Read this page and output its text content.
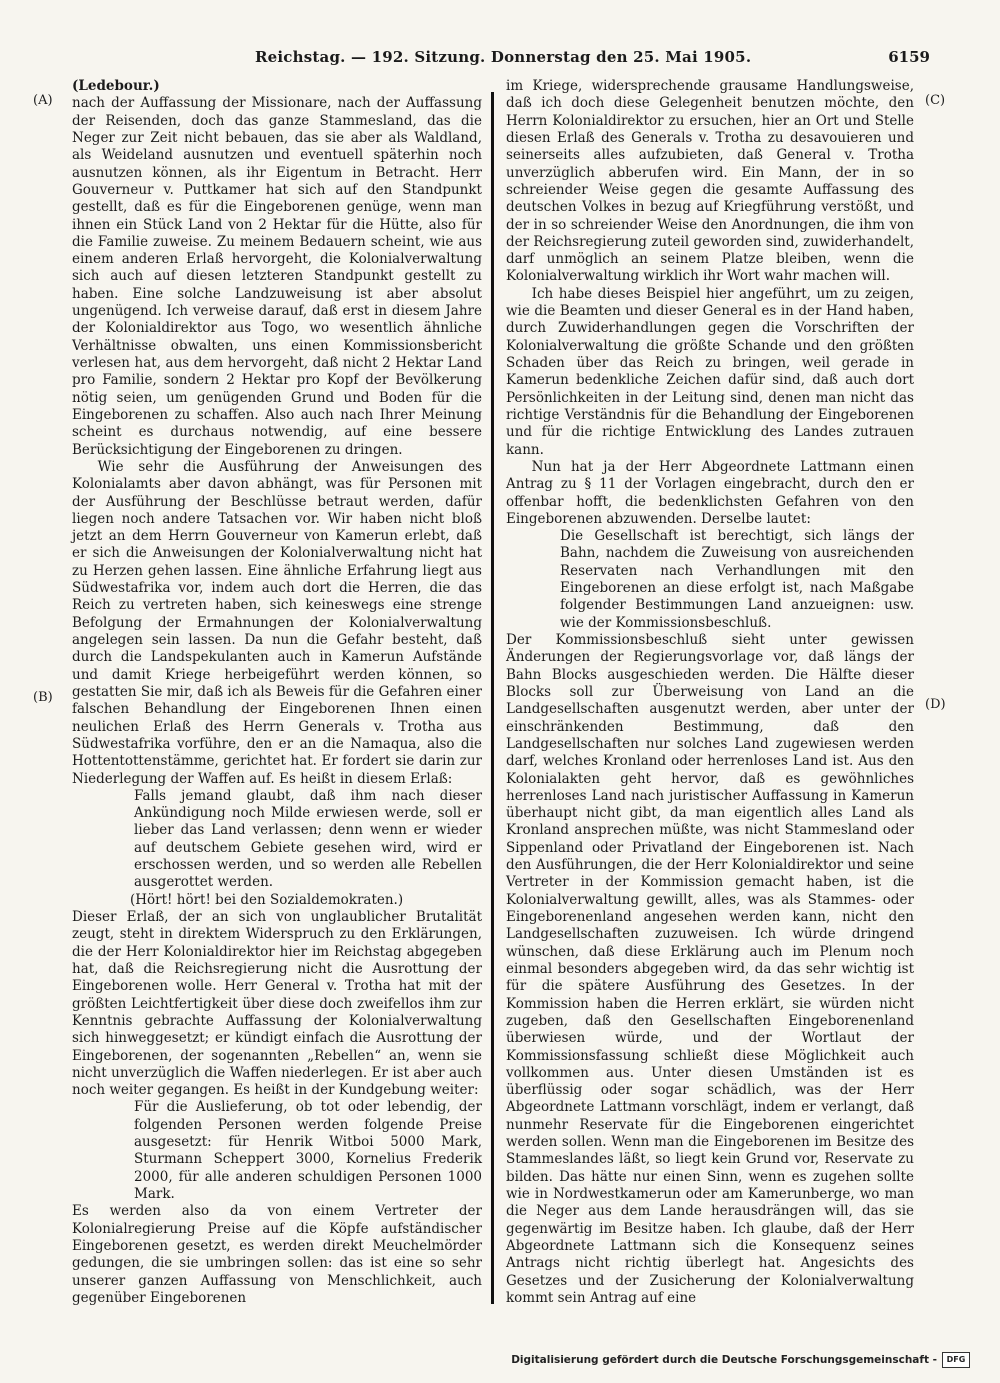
Reichstag. — 192. Sitzung. Donnerstag den 25. Mai 1905.	6159
(A)
(B)
(C)
(D)

(Ledebour.)

nach der Auffassung der Missionare, nach der Auffassung der Reisenden, doch das ganze Stammesland, das die Neger zur Zeit nicht bebauen, das sie aber als Waldland, als Weideland ausnutzen und eventuell späterhin noch ausnutzen können, als ihr Eigentum in Betracht. Herr Gouverneur v. Puttkamer hat sich auf den Standpunkt gestellt, daß es für die Eingeborenen genüge, wenn man ihnen ein Stück Land von 2 Hektar für die Hütte, also für die Familie zuweise. Zu meinem Bedauern scheint, wie aus einem anderen Erlaß hervorgeht, die Kolonialverwaltung sich auch auf diesen letzteren Standpunkt gestellt zu haben. Eine solche Landzuweisung ist aber absolut ungenügend. Ich verweise darauf, daß erst in diesem Jahre der Kolonialdirektor aus Togo, wo wesentlich ähnliche Verhältnisse obwalten, uns einen Kommissionsbericht verlesen hat, aus dem hervorgeht, daß nicht 2 Hektar Land pro Familie, sondern 2 Hektar pro Kopf der Bevölkerung nötig seien, um genügenden Grund und Boden für die Eingeborenen zu schaffen. Also auch nach Ihrer Meinung scheint es durchaus notwendig, auf eine bessere Berücksichtigung der Eingeborenen zu dringen.

Wie sehr die Ausführung der Anweisungen des Kolonialamts aber davon abhängt, was für Personen mit der Ausführung der Beschlüsse betraut werden, dafür liegen noch andere Tatsachen vor. Wir haben nicht bloß jetzt an dem Herrn Gouverneur von Kamerun erlebt, daß er sich die Anweisungen der Kolonialverwaltung nicht hat zu Herzen gehen lassen. Eine ähnliche Erfahrung liegt aus Südwestafrika vor, indem auch dort die Herren, die das Reich zu vertreten haben, sich keineswegs eine strenge Befolgung der Ermahnungen der Kolonialverwaltung angelegen sein lassen. Da nun die Gefahr besteht, daß durch die Landspekulanten auch in Kamerun Aufstände und damit Kriege herbeigeführt werden können, so gestatten Sie mir, daß ich als Beweis für die Gefahren einer falschen Behandlung der Eingeborenen Ihnen einen neulichen Erlaß des Herrn Generals v. Trotha aus Südwestafrika vorführe, den er an die Namaqua, also die Hottentottenstämme, gerichtet hat. Er fordert sie darin zur Niederlegung der Waffen auf. Es heißt in diesem Erlaß:

Falls jemand glaubt, daß ihm nach dieser Ankündigung noch Milde erwiesen werde, soll er lieber das Land verlassen; denn wenn er wieder auf deutschem Gebiete gesehen wird, wird er erschossen werden, und so werden alle Rebellen ausgerottet werden.

(Hört! hört! bei den Sozialdemokraten.)

Dieser Erlaß, der an sich von unglaublicher Brutalität zeugt, steht in direktem Widerspruch zu den Erklärungen, die der Herr Kolonialdirektor hier im Reichstag abgegeben hat, daß die Reichsregierung nicht die Ausrottung der Eingeborenen wolle. Herr General v. Trotha hat mit der größten Leichtfertigkeit über diese doch zweifellos ihm zur Kenntnis gebrachte Auffassung der Kolonialverwaltung sich hinweggesetzt; er kündigt einfach die Ausrottung der Eingeborenen, der sogenannten „Rebellen“ an, wenn sie nicht unverzüglich die Waffen niederlegen. Er ist aber auch noch weiter gegangen. Es heißt in der Kundgebung weiter:

Für die Auslieferung, ob tot oder lebendig, der folgenden Personen werden folgende Preise ausgesetzt: für Henrik Witboi 5000 Mark, Sturmann Scheppert 3000, Kornelius Frederik 2000, für alle anderen schuldigen Personen 1000 Mark.

Es werden also da von einem Vertreter der Kolonialregierung Preise auf die Köpfe aufständischer Eingeborenen gesetzt, es werden direkt Meuchelmörder gedungen, die sie umbringen sollen: das ist eine so sehr unserer ganzen Auffassung von Menschlichkeit, auch gegenüber Eingeborenen

im Kriege, widersprechende grausame Handlungsweise, daß ich doch diese Gelegenheit benutzen möchte, den Herrn Kolonialdirektor zu ersuchen, hier an Ort und Stelle diesen Erlaß des Generals v. Trotha zu desavouieren und seinerseits alles aufzubieten, daß General v. Trotha unverzüglich abberufen wird. Ein Mann, der in so schreiender Weise gegen die gesamte Auffassung des deutschen Volkes in bezug auf Kriegführung verstößt, und der in so schreiender Weise den Anordnungen, die ihm von der Reichsregierung zuteil geworden sind, zuwiderhandelt, darf unmöglich an seinem Platze bleiben, wenn die Kolonialverwaltung wirklich ihr Wort wahr machen will.

Ich habe dieses Beispiel hier angeführt, um zu zeigen, wie die Beamten und dieser General es in der Hand haben, durch Zuwiderhandlungen gegen die Vorschriften der Kolonialverwaltung die größte Schande und den größten Schaden über das Reich zu bringen, weil gerade in Kamerun bedenkliche Zeichen dafür sind, daß auch dort Persönlichkeiten in der Leitung sind, denen man nicht das richtige Verständnis für die Behandlung der Eingeborenen und für die richtige Entwicklung des Landes zutrauen kann.

Nun hat ja der Herr Abgeordnete Lattmann einen Antrag zu § 11 der Vorlagen eingebracht, durch den er offenbar hofft, die bedenklichsten Gefahren von den Eingeborenen abzuwenden. Derselbe lautet:

Die Gesellschaft ist berechtigt, sich längs der Bahn, nachdem die Zuweisung von ausreichenden Reservaten nach Verhandlungen mit den Eingeborenen an diese erfolgt ist, nach Maßgabe folgender Bestimmungen Land anzueignen: usw. wie der Kommissionsbeschluß.

Der Kommissionsbeschluß sieht unter gewissen Änderungen der Regierungsvorlage vor, daß längs der Bahn Blocks ausgeschieden werden. Die Hälfte dieser Blocks soll zur Überweisung von Land an die Landgesellschaften ausgenutzt werden, aber unter der einschränkenden Bestimmung, daß den Landgesellschaften nur solches Land zugewiesen werden darf, welches Kronland oder herrenloses Land ist. Aus den Kolonialakten geht hervor, daß es gewöhnliches herrenloses Land nach juristischer Auffassung in Kamerun überhaupt nicht gibt, da man eigentlich alles Land als Kronland ansprechen müßte, was nicht Stammesland oder Sippenland oder Privatland der Eingeborenen ist. Nach den Ausführungen, die der Herr Kolonialdirektor und seine Vertreter in der Kommission gemacht haben, ist die Kolonialverwaltung gewillt, alles, was als Stammes- oder Eingeborenenland angesehen werden kann, nicht den Landgesellschaften zuzuweisen. Ich würde dringend wünschen, daß diese Erklärung auch im Plenum noch einmal besonders abgegeben wird, da das sehr wichtig ist für die spätere Ausführung des Gesetzes. In der Kommission haben die Herren erklärt, sie würden nicht zugeben, daß den Gesellschaften Eingeborenenland überwiesen würde, und der Wortlaut der Kommissionsfassung schließt diese Möglichkeit auch vollkommen aus. Unter diesen Umständen ist es überflüssig oder sogar schädlich, was der Herr Abgeordnete Lattmann vorschlägt, indem er verlangt, daß nunmehr Reservate für die Eingeborenen eingerichtet werden sollen. Wenn man die Eingeborenen im Besitze des Stammeslandes läßt, so liegt kein Grund vor, Reservate zu bilden. Das hätte nur einen Sinn, wenn es zugehen sollte wie in Nordwestkamerun oder am Kamerunberge, wo man die Neger aus dem Lande herausdrängen will, das sie gegenwärtig im Besitze haben. Ich glaube, daß der Herr Abgeordnete Lattmann sich die Konsequenz seines Antrags nicht richtig überlegt hat. Angesichts des Gesetzes und der Zusicherung der Kolonialverwaltung kommt sein Antrag auf eine

Digitalisierung gefördert durch die Deutsche Forschungsgemeinschaft -	DFG
